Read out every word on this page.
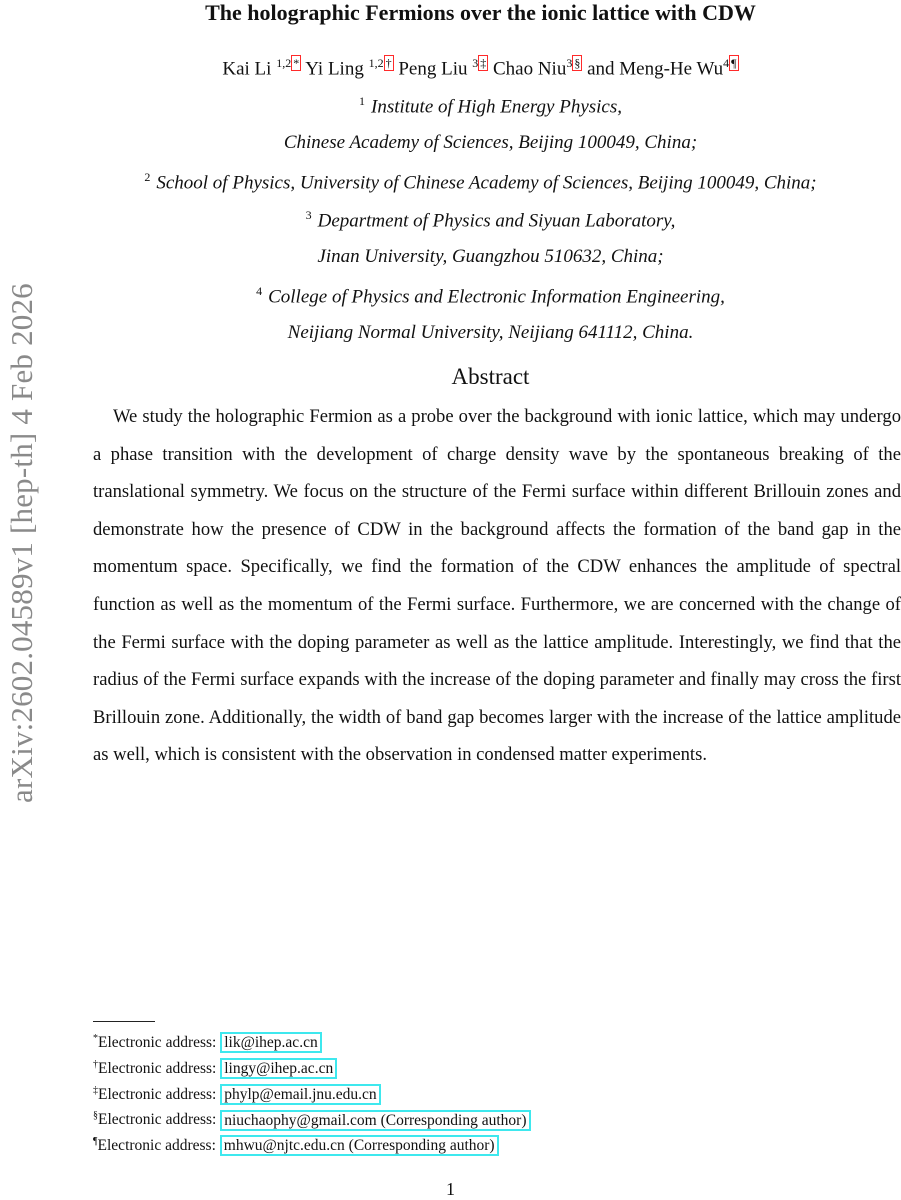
arXiv:2602.04589v1 [hep-th] 4 Feb 2026
The holographic Fermions over the ionic lattice with CDW
Kai Li $^{1,2}$ * Yi Ling $^{1,2}$ † Peng Liu $^3$ ‡ Chao Niu$^3$ § and Meng-He Wu$^4$ ¶
$^1$ Institute of High Energy Physics,
Chinese Academy of Sciences, Beijing 100049, China;
$^2$ School of Physics, University of Chinese Academy of Sciences, Beijing 100049, China;
$^3$ Department of Physics and Siyuan Laboratory,
Jinan University, Guangzhou 510632, China;
$^4$ College of Physics and Electronic Information Engineering,
Neijiang Normal University, Neijiang 641112, China.
Abstract

We study the holographic Fermion as a probe over the background with ionic lattice, which may undergo a phase transition with the development of charge density wave by the spontaneous breaking of the translational symmetry. We focus on the structure of the Fermi surface within different Brillouin zones and demonstrate how the presence of CDW in the background affects the formation of the band gap in the momentum space. Specifically, we find the formation of the CDW enhances the amplitude of spectral function as well as the momentum of the Fermi surface. Furthermore, we are concerned with the change of the Fermi surface with the doping parameter as well as the lattice amplitude. Interestingly, we find that the radius of the Fermi surface expands with the increase of the doping parameter and finally may cross the first Brillouin zone. Additionally, the width of band gap becomes larger with the increase of the lattice amplitude as well, which is consistent with the observation in condensed matter experiments.

*Electronic address: lik@ihep.ac.cn
†Electronic address: lingy@ihep.ac.cn
‡Electronic address: phylp@email.jnu.edu.cn
§Electronic address: niuchaophy@gmail.com (Corresponding author)
¶Electronic address: mhwu@njtc.edu.cn (Corresponding author)
1
